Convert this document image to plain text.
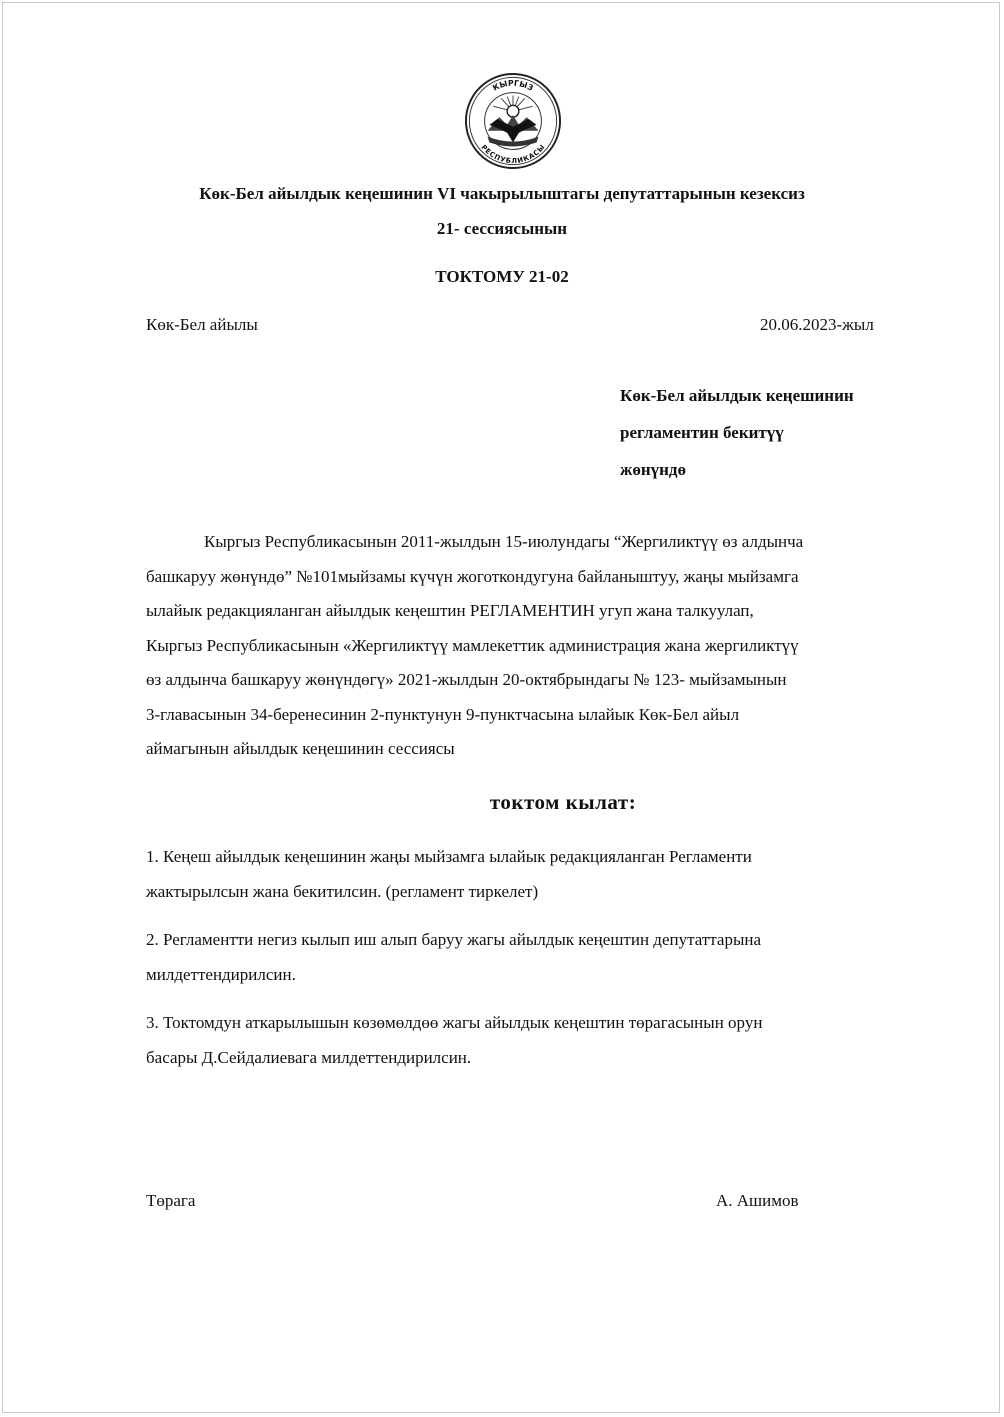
КЫРГЫЗ
РЕСПУБЛИКАСЫ
Көк-Бел айылдык кеңешинин VI чакырылыштагы депутаттарынын кезексиз
21- сессиясынын
ТОКТОМУ 21-02
Көк-Бел айылы	20.06.2023-жыл
Көк-Бел айылдык кеңешинин
регламентин бекитүү
жөнүндө
Кыргыз Республикасынын 2011-жылдын 15-июлундагы “Жергиликтүү өз алдынча
башкаруу жөнүндө” №101мыйзамы күчүн жоготкондугуна байланыштуу, жаңы мыйзамга
ылайык редакцияланган айылдык кеңештин РЕГЛАМЕНТИН угуп жана талкуулап,
Кыргыз Республикасынын «Жергиликтүү мамлекеттик администрация жана жергиликтүү
өз алдынча башкаруу жөнүндөгү» 2021-жылдын 20-октябрындагы № 123- мыйзамынын
3-главасынын 34-беренесинин 2-пунктунун 9-пунктчасына ылайык Көк-Бел айыл
аймагынын айылдык кеңешинин сессиясы
токтом кылат:
1. Кеңеш айылдык кеңешинин жаңы мыйзамга ылайык редакцияланган Регламенти
жактырылсын жана бекитилсин. (регламент тиркелет)
2. Регламентти негиз кылып иш алып баруу жагы айылдык кеңештин депутаттарына
милдеттендирилсин.
3. Токтомдун аткарылышын көзөмөлдөө жагы айылдык кеңештин төрагасынын орун
басары Д.Сейдалиевага милдеттендирилсин.
Төрага	А. Ашимов
